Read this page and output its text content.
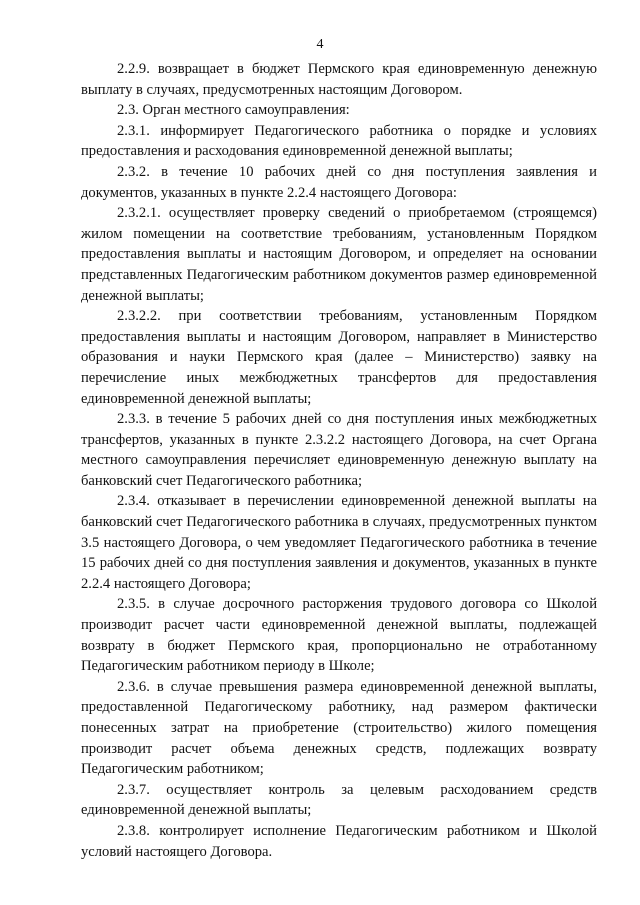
4

2.2.9. возвращает в бюджет Пермского края единовременную денежную выплату в случаях, предусмотренных настоящим Договором.

2.3. Орган местного самоуправления:

2.3.1. информирует Педагогического работника о порядке и условиях предоставления и расходования единовременной денежной выплаты;

2.3.2. в течение 10 рабочих дней со дня поступления заявления и документов, указанных в пункте 2.2.4 настоящего Договора:

2.3.2.1. осуществляет проверку сведений о приобретаемом (строящемся) жилом помещении на соответствие требованиям, установленным Порядком предоставления выплаты и настоящим Договором, и определяет на основании представленных Педагогическим работником документов размер единовременной денежной выплаты;

2.3.2.2. при соответствии требованиям, установленным Порядком предоставления выплаты и настоящим Договором, направляет в Министерство образования и науки Пермского края (далее – Министерство) заявку на перечисление иных межбюджетных трансфертов для предоставления единовременной денежной выплаты;

2.3.3. в течение 5 рабочих дней со дня поступления иных межбюджетных трансфертов, указанных в пункте 2.3.2.2 настоящего Договора, на счет Органа местного самоуправления перечисляет единовременную денежную выплату на банковский счет Педагогического работника;

2.3.4. отказывает в перечислении единовременной денежной выплаты на банковский счет Педагогического работника в случаях, предусмотренных пунктом 3.5 настоящего Договора, о чем уведомляет Педагогического работника в течение 15 рабочих дней со дня поступления заявления и документов, указанных в пункте 2.2.4 настоящего Договора;

2.3.5. в случае досрочного расторжения трудового договора со Школой производит расчет части единовременной денежной выплаты, подлежащей возврату в бюджет Пермского края, пропорционально не отработанному Педагогическим работником периоду в Школе;

2.3.6. в случае превышения размера единовременной денежной выплаты, предоставленной Педагогическому работнику, над размером фактически понесенных затрат на приобретение (строительство) жилого помещения производит расчет объема денежных средств, подлежащих возврату Педагогическим работником;

2.3.7. осуществляет контроль за целевым расходованием средств единовременной денежной выплаты;

2.3.8. контролирует исполнение Педагогическим работником и Школой условий настоящего Договора.
